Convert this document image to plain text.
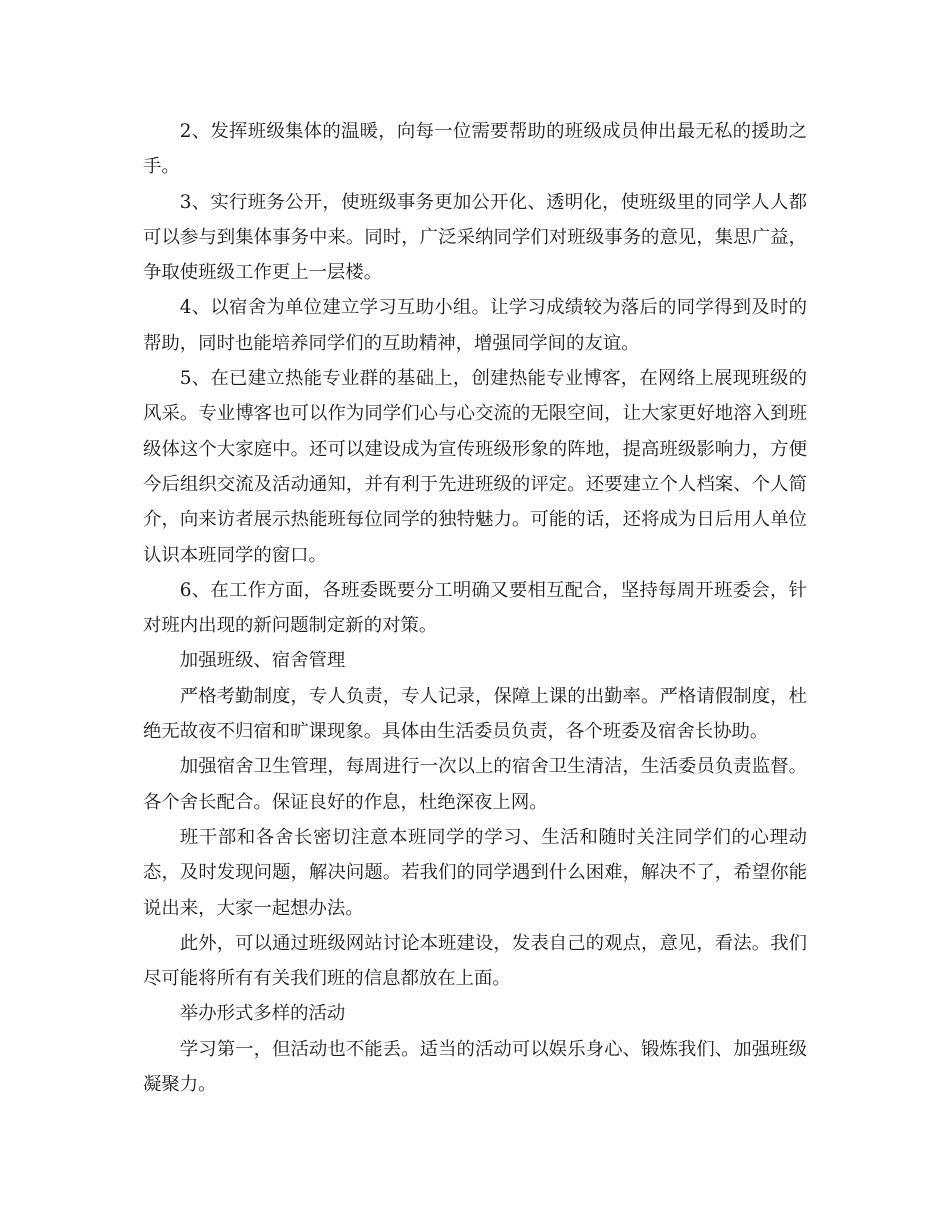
2、发挥班级集体的温暖，向每一位需要帮助的班级成员伸出最无私的援助之手。

3、实行班务公开，使班级事务更加公开化、透明化，使班级里的同学人人都可以参与到集体事务中来。同时，广泛采纳同学们对班级事务的意见，集思广益，争取使班级工作更上一层楼。

4、以宿舍为单位建立学习互助小组。让学习成绩较为落后的同学得到及时的帮助，同时也能培养同学们的互助精神，增强同学间的友谊。

5、在已建立热能专业群的基础上，创建热能专业博客，在网络上展现班级的风采。专业博客也可以作为同学们心与心交流的无限空间，让大家更好地溶入到班级体这个大家庭中。还可以建设成为宣传班级形象的阵地，提高班级影响力，方便今后组织交流及活动通知，并有利于先进班级的评定。还要建立个人档案、个人简介，向来访者展示热能班每位同学的独特魅力。可能的话，还将成为日后用人单位认识本班同学的窗口。

6、在工作方面，各班委既要分工明确又要相互配合，坚持每周开班委会，针对班内出现的新问题制定新的对策。

加强班级、宿舍管理

严格考勤制度，专人负责，专人记录，保障上课的出勤率。严格请假制度，杜绝无故夜不归宿和旷课现象。具体由生活委员负责，各个班委及宿舍长协助。

加强宿舍卫生管理，每周进行一次以上的宿舍卫生清洁，生活委员负责监督。各个舍长配合。保证良好的作息，杜绝深夜上网。

班干部和各舍长密切注意本班同学的学习、生活和随时关注同学们的心理动态，及时发现问题，解决问题。若我们的同学遇到什么困难，解决不了，希望你能说出来，大家一起想办法。

此外，可以通过班级网站讨论本班建设，发表自己的观点，意见，看法。我们尽可能将所有有关我们班的信息都放在上面。

举办形式多样的活动

学习第一，但活动也不能丢。适当的活动可以娱乐身心、锻炼我们、加强班级凝聚力。
